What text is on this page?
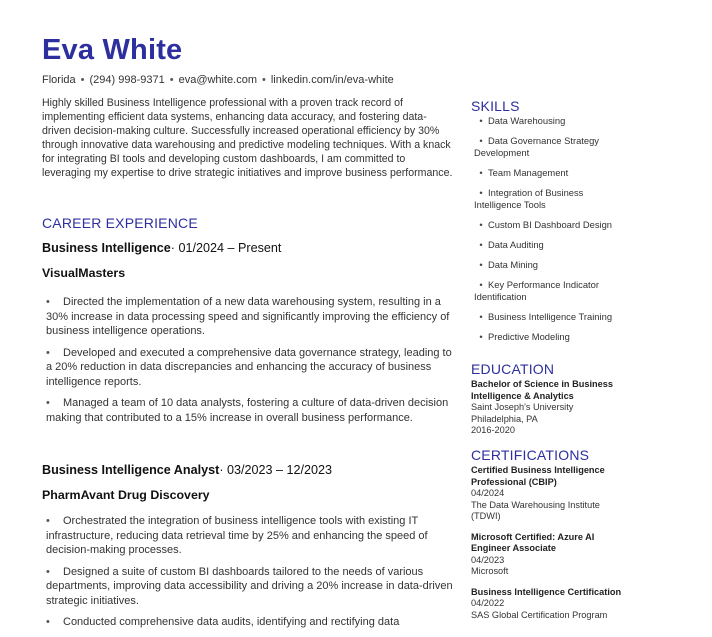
Eva White
Florida • (294) 998-9371 • eva@white.com • linkedin.com/in/eva-white

Highly skilled Business Intelligence professional with a proven track record of implementing efficient data systems, enhancing data accuracy, and fostering data-driven decision-making culture. Successfully increased operational efficiency by 30% through innovative data warehousing and predictive modeling techniques. With a knack for integrating BI tools and developing custom dashboards, I am committed to leveraging my expertise to drive strategic initiatives and improve business performance.

CAREER EXPERIENCE
Business Intelligence· 01/2024 – Present
VisualMasters
• Directed the implementation of a new data warehousing system, resulting in a 30% increase in data processing speed and significantly improving the efficiency of business intelligence operations.
• Developed and executed a comprehensive data governance strategy, leading to a 20% reduction in data discrepancies and enhancing the accuracy of business intelligence reports.
• Managed a team of 10 data analysts, fostering a culture of data-driven decision making that contributed to a 15% increase in overall business performance.
Business Intelligence Analyst· 03/2023 – 12/2023
PharmAvant Drug Discovery
• Orchestrated the integration of business intelligence tools with existing IT infrastructure, reducing data retrieval time by 25% and enhancing the speed of decision-making processes.
• Designed a suite of custom BI dashboards tailored to the needs of various departments, improving data accessibility and driving a 20% increase in data-driven strategic initiatives.
• Conducted comprehensive data audits, identifying and rectifying data
SKILLS
• Data Warehousing
• Data Governance Strategy Development
• Team Management
• Integration of Business Intelligence Tools
• Custom BI Dashboard Design
• Data Auditing
• Data Mining
• Key Performance Indicator Identification
• Business Intelligence Training
• Predictive Modeling
EDUCATION
Bachelor of Science in Business Intelligence & Analytics
Saint Joseph's University
Philadelphia, PA
2016-2020
CERTIFICATIONS
Certified Business Intelligence Professional (CBIP)
04/2024
The Data Warehousing Institute (TDWI)
Microsoft Certified: Azure AI Engineer Associate
04/2023
Microsoft
Business Intelligence Certification
04/2022
SAS Global Certification Program
